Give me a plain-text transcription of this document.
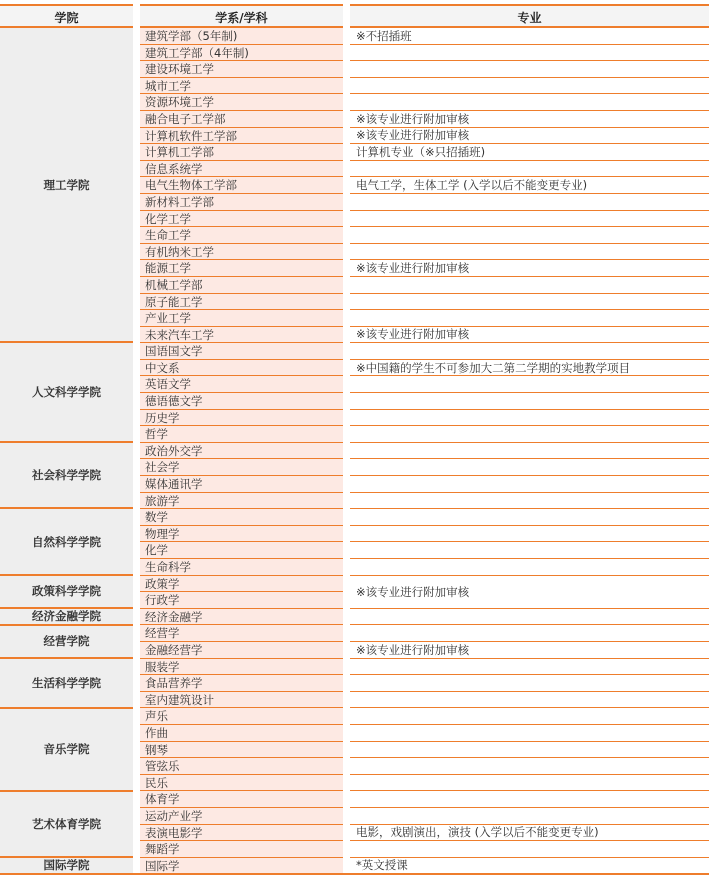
学院
理工学院
人文科学学院
社会科学学院
自然科学学院
政策科学学院
经济金融学院
经营学院
生活科学学院
音乐学院
艺术体育学院
国际学院
学系/学科
建筑学部（5年制)
建筑工学部（4年制)
建设环境工学
城市工学
资源环境工学
融合电子工学部
计算机软件工学部
计算机工学部
信息系统学
电气生物体工学部
新材料工学部
化学工学
生命工学
有机纳米工学
能源工学
机械工学部
原子能工学
产业工学
未来汽车工学
国语国文学
中文系
英语文学
德语德文学
历史学
哲学
政治外交学
社会学
媒体通讯学
旅游学
数学
物理学
化学
生命科学
政策学
行政学
经济金融学
经营学
金融经营学
服装学
食品营养学
室内建筑设计
声乐
作曲
钢琴
管弦乐
民乐
体育学
运动产业学
表演电影学
舞蹈学
国际学
专业
※不招插班
※该专业进行附加审核
※该专业进行附加审核
计算机专业（※只招插班)
电气工学，生体工学 (入学以后不能变更专业)
※该专业进行附加审核
※该专业进行附加审核
※中国籍的学生不可参加大二第二学期的实地教学项目
※该专业进行附加审核
※该专业进行附加审核
电影，戏剧演出，演技 (入学以后不能变更专业)
*英文授课
